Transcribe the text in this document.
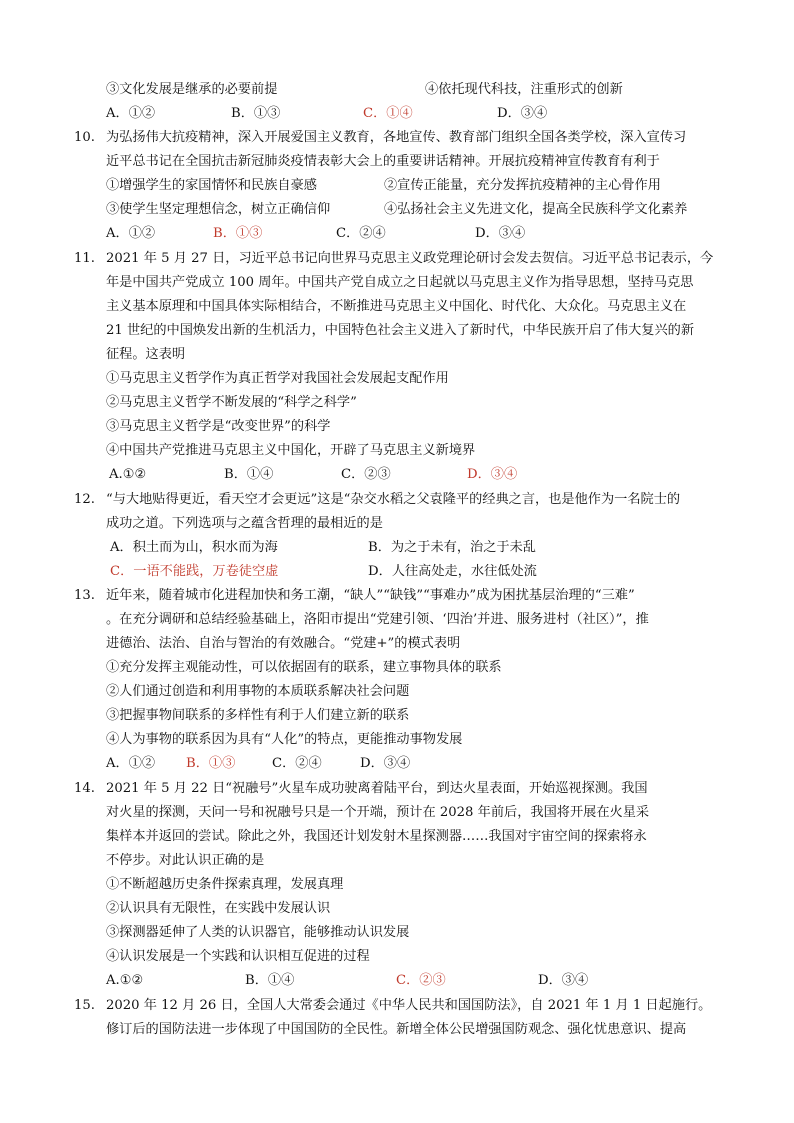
③文化发展是继承的必要前提	④依托现代科技，注重形式的创新
A．①②	B．①③	C．①④	D．③④
10. 为弘扬伟大抗疫精神，深入开展爱国主义教育，各地宣传、教育部门组织全国各类学校，深入宣传习
近平总书记在全国抗击新冠肺炎疫情表彰大会上的重要讲话精神。开展抗疫精神宣传教育有利于
①增强学生的家国情怀和民族自豪感	②宣传正能量，充分发挥抗疫精神的主心骨作用
③使学生坚定理想信念，树立正确信仰	④弘扬社会主义先进文化，提高全民族科学文化素养
A．①②	B．①③	C．②④	D．③④
11. 2021 年 5 月 27 日，习近平总书记向世界马克思主义政党理论研讨会发去贺信。习近平总书记表示，今
年是中国共产党成立 100 周年。中国共产党自成立之日起就以马克思主义作为指导思想，坚持马克思
主义基本原理和中国具体实际相结合，不断推进马克思主义中国化、时代化、大众化。马克思主义在
21 世纪的中国焕发出新的生机活力，中国特色社会主义进入了新时代，中华民族开启了伟大复兴的新
征程。这表明
①马克思主义哲学作为真正哲学对我国社会发展起支配作用
②马克思主义哲学不断发展的“科学之科学”
③马克思主义哲学是“改变世界”的科学
④中国共产党推进马克思主义中国化，开辟了马克思主义新境界
A.①②	B．①④	C．②③	D．③④
12. “与大地贴得更近，看天空才会更远”这是“杂交水稻之父袁隆平的经典之言，也是他作为一名院士的
成功之道。下列选项与之蕴含哲理的最相近的是
A．积土而为山，积水而为海	B．为之于未有，治之于未乱
C．一语不能践，万卷徒空虚	D．人往高处走，水往低处流
13. 近年来，随着城市化进程加快和务工潮，“缺人”“缺钱”“事难办”成为困扰基层治理的“三难”
。在充分调研和总结经验基础上，洛阳市提出“党建引领、‘四治’并进、服务进村（社区）”，推
进德治、法治、自治与智治的有效融合。“党建+”的模式表明
①充分发挥主观能动性，可以依据固有的联系，建立事物具体的联系
②人们通过创造和利用事物的本质联系解决社会问题
③把握事物间联系的多样性有利于人们建立新的联系
④人为事物的联系因为具有“人化”的特点，更能推动事物发展
A．①② B．①③	C．②④	D．③④
14. 2021 年 5 月 22 日“祝融号”火星车成功驶离着陆平台，到达火星表面，开始巡视探测。我国
对火星的探测，天问一号和祝融号只是一个开端，预计在 2028 年前后，我国将开展在火星采
集样本并返回的尝试。除此之外，我国还计划发射木星探测器……我国对宇宙空间的探索将永
不停步。对此认识正确的是
①不断超越历史条件探索真理，发展真理
②认识具有无限性，在实践中发展认识
③探测器延伸了人类的认识器官，能够推动认识发展
④认识发展是一个实践和认识相互促进的过程
A.①②	B．①④	C．②③	D．③④
15. 2020 年 12 月 26 日，全国人大常委会通过《中华人民共和国国防法》，自 2021 年 1 月 1 日起施行。
修订后的国防法进一步体现了中国国防的全民性。新增全体公民增强国防观念、强化忧患意识、提高
